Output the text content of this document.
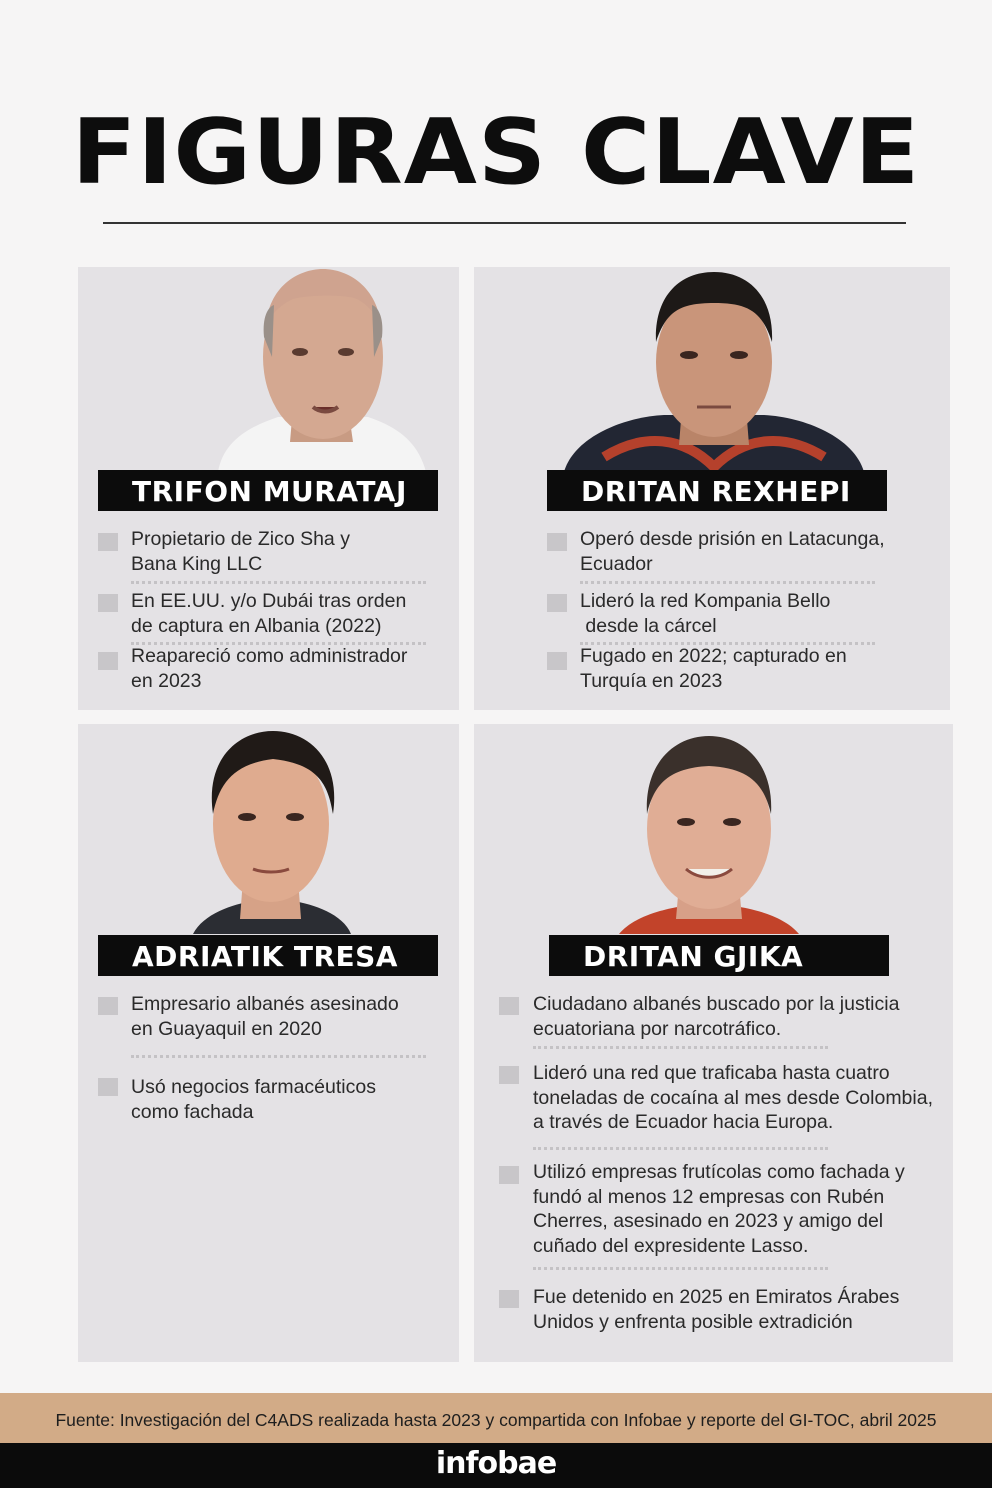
FIGURAS CLAVE
TRIFON MURATAJ
Propietario de Zico Sha y
Bana King LLC
En EE.UU. y/o Dubái tras orden
de captura en Albania (2022)
Reapareció como administrador
en 2023
DRITAN REXHEPI
Operó desde prisión en Latacunga,
Ecuador
Lideró la red Kompania Bello
desde la cárcel
Fugado en 2022; capturado en
Turquía en 2023
ADRIATIK TRESA
Empresario albanés asesinado
en Guayaquil en 2020
Usó negocios farmacéuticos
como fachada
DRITAN GJIKA
Ciudadano albanés buscado por la justicia
ecuatoriana por narcotráfico.
Lideró una red que traficaba hasta cuatro
toneladas de cocaína al mes desde Colombia,
a través de Ecuador hacia Europa.
Utilizó empresas frutícolas como fachada y
fundó al menos 12 empresas con Rubén
Cherres, asesinado en 2023 y amigo del
cuñado del expresidente Lasso.
Fue detenido en 2025 en Emiratos Árabes
Unidos y enfrenta posible extradición
Fuente: Investigación del C4ADS realizada hasta 2023 y compartida con Infobae y reporte del GI-TOC, abril 2025
infobae
